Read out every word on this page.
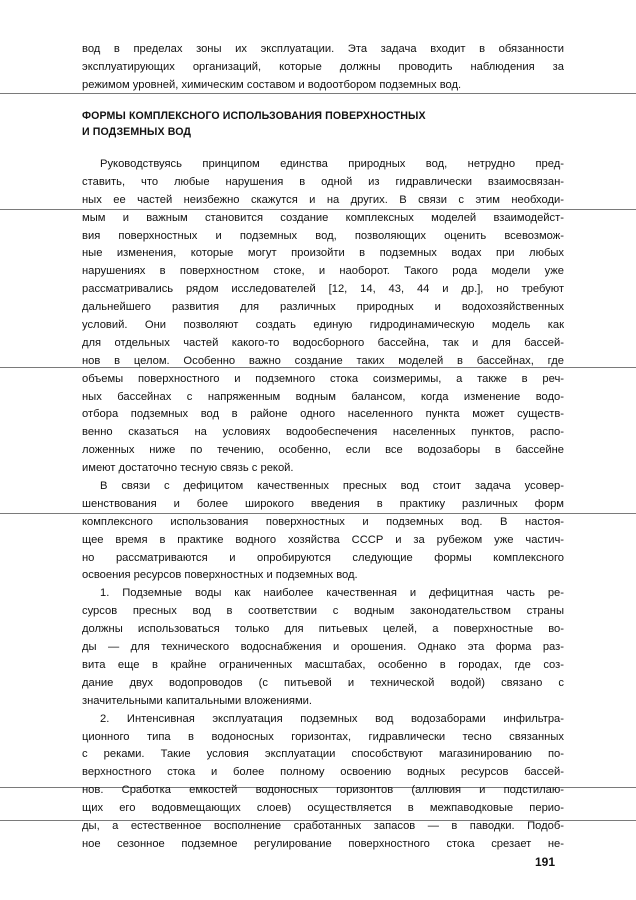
вод в пределах зоны их эксплуатации. Эта задача входит в обязанности
эксплуатирующих организаций, которые должны проводить наблюдения за
режимом уровней, химическим составом и водоотбором подземных вод.
ФОРМЫ КОМПЛЕКСНОГО ИСПОЛЬЗОВАНИЯ ПОВЕРХНОСТНЫХ
И ПОДЗЕМНЫХ ВОД
Руководствуясь принципом единства природных вод, нетрудно пред-
ставить, что любые нарушения в одной из гидравлически взаимосвязан-
ных ее частей неизбежно скажутся и на других. В связи с этим необходи-
мым и важным становится создание комплексных моделей взаимодейст-
вия поверхностных и подземных вод, позволяющих оценить всевозмож-
ные изменения, которые могут произойти в подземных водах при любых
нарушениях в поверхностном стоке, и наоборот. Такого рода модели уже
рассматривались рядом исследователей [12, 14, 43, 44 и др.], но требуют
дальнейшего развития для различных природных и водохозяйственных
условий. Они позволяют создать единую гидродинамическую модель как
для отдельных частей какого-то водосборного бассейна, так и для бассей-
нов в целом. Особенно важно создание таких моделей в бассейнах, где
объемы поверхностного и подземного стока соизмеримы, а также в реч-
ных бассейнах с напряженным водным балансом, когда изменение водо-
отбора подземных вод в районе одного населенного пункта может существ-
венно сказаться на условиях водообеспечения населенных пунктов, распо-
ложенных ниже по течению, особенно, если все водозаборы в бассейне
имеют достаточно тесную связь с рекой.
В связи с дефицитом качественных пресных вод стоит задача усовер-
шенствования и более широкого введения в практику различных форм
комплексного использования поверхностных и подземных вод. В настоя-
щее время в практике водного хозяйства СССР и за рубежом уже частич-
но рассматриваются и опробируются следующие формы комплексного
освоения ресурсов поверхностных и подземных вод.
1. Подземные воды как наиболее качественная и дефицитная часть ре-
сурсов пресных вод в соответствии с водным законодательством страны
должны использоваться только для питьевых целей, а поверхностные во-
ды — для технического водоснабжения и орошения. Однако эта форма раз-
вита еще в крайне ограниченных масштабах, особенно в городах, где соз-
дание двух водопроводов (с питьевой и технической водой) связано с
значительными капитальными вложениями.
2. Интенсивная эксплуатация подземных вод водозаборами инфильтра-
ционного типа в водоносных горизонтах, гидравлически тесно связанных
с реками. Такие условия эксплуатации способствуют магазинированию по-
верхностного стока и более полному освоению водных ресурсов бассей-
нов. Сработка емкостей водоносных горизонтов (аллювия и подстилаю-
щих его водовмещающих слоев) осуществляется в межпаводковые перио-
ды, а естественное восполнение сработанных запасов — в паводки. Подоб-
ное сезонное подземное регулирование поверхностного стока срезает не-
191
